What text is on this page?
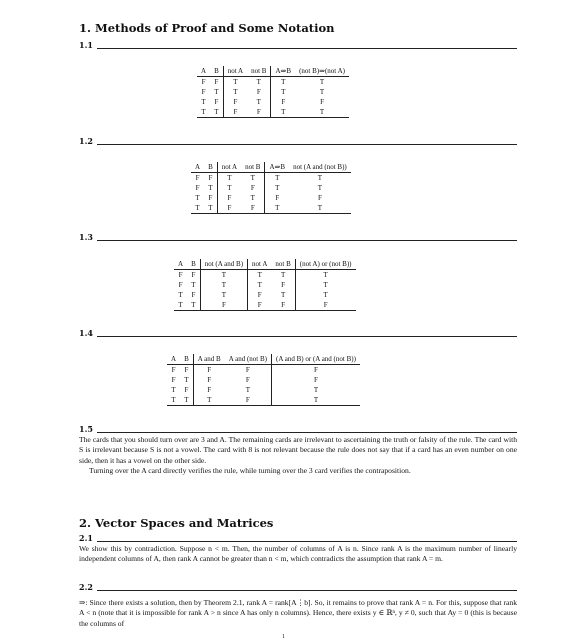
1. Methods of Proof and Some Notation
1.1
A	B	not A	not B	A⇒B	(not B)⇒(not A)
F	F	T	T	T	T
F	T	T	F	T	T
T	F	F	T	F	F
T	T	F	F	T	T
1.2
A	B	not A	not B	A⇒B	not (A and (not B))
F	F	T	T	T	T
F	T	T	F	T	T
T	F	F	T	F	F
T	T	F	F	T	T
1.3
A	B	not (A and B)	not A	not B	(not A) or (not B))
F	F	T	T	T	T
F	T	T	T	F	T
T	F	T	F	T	T
T	T	F	F	F	F
1.4
A	B	A and B	A and (not B)	(A and B) or (A and (not B))
F	F	F	F	F
F	T	F	F	F
T	F	F	T	T
T	T	T	F	T
1.5

The cards that you should turn over are 3 and A. The remaining cards are irrelevant to ascertaining the truth or falsity of the rule. The card with S is irrelevant because S is not a vowel. The card with 8 is not relevant because the rule does not say that if a card has an even number on one side, then it has a vowel on the other side.

Turning over the A card directly verifies the rule, while turning over the 3 card verifies the contraposition.

2. Vector Spaces and Matrices
2.1

We show this by contradiction. Suppose n < m. Then, the number of columns of A is n. Since rank A is the maximum number of linearly independent columns of A, then rank A cannot be greater than n < m, which contradicts the assumption that rank A = m.

2.2

⇒: Since there exists a solution, then by Theorem 2.1, rank A = rank[A⋮b]. So, it remains to prove that rank A = n. For this, suppose that rank A < n (note that it is impossible for rank A > n since A has only n columns). Hence, there exists y ∈ ℝⁿ, y ≠ 0, such that Ay = 0 (this is because the columns of

1
